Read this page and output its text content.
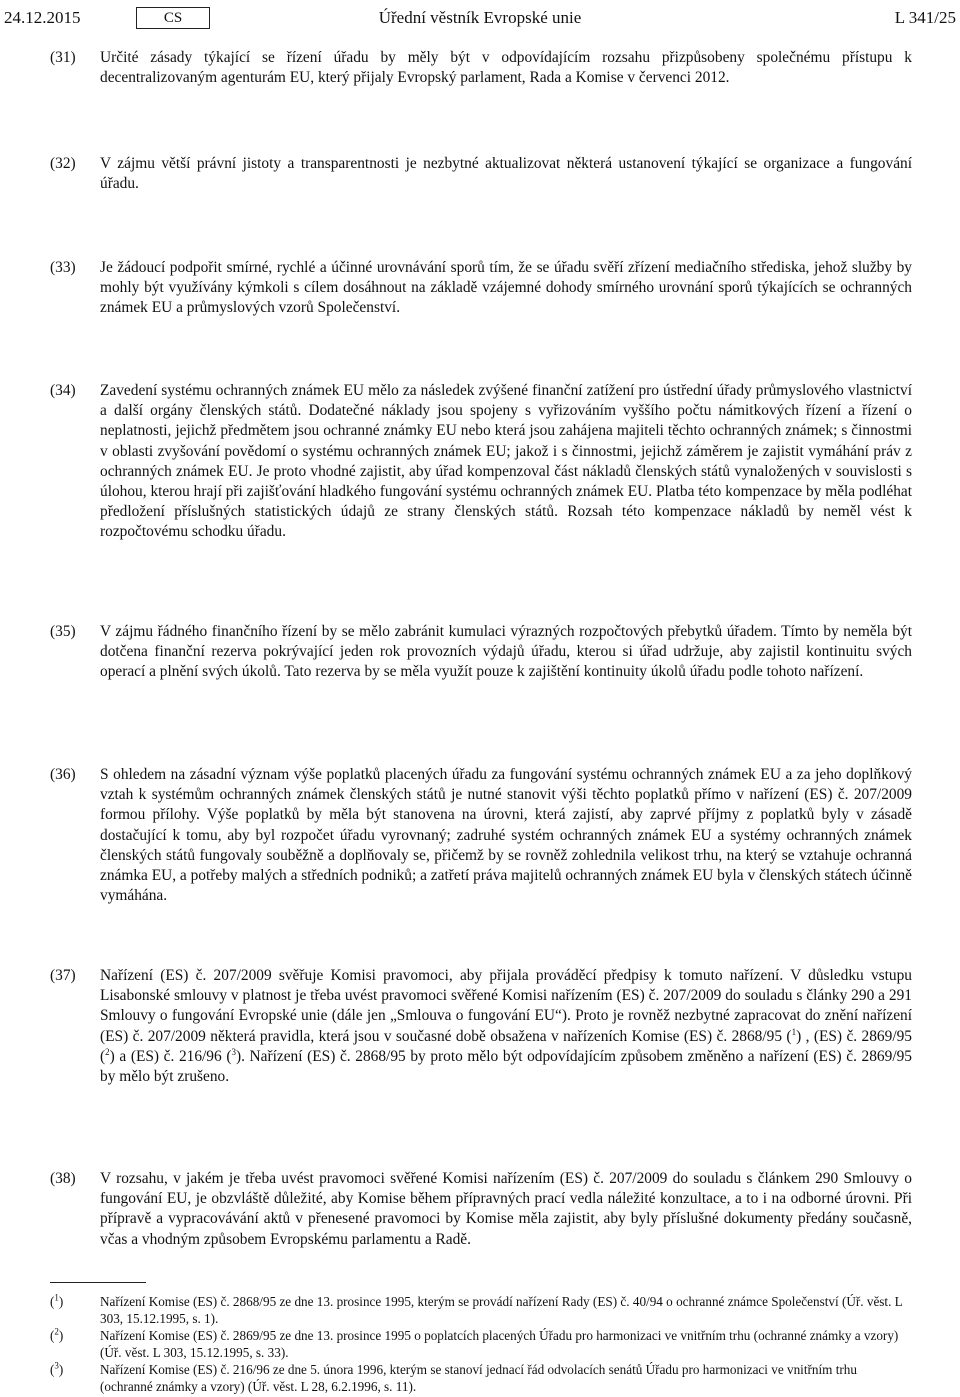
Úřední věstník Evropské unie
24.12.2015	CS	L 341/25
(31) Určité zásady týkající se řízení úřadu by měly být v odpovídajícím rozsahu přizpůsobeny společnému přístupu k decentralizovaným agenturám EU, který přijaly Evropský parlament, Rada a Komise v červenci 2012.
(32) V zájmu větší právní jistoty a transparentnosti je nezbytné aktualizovat některá ustanovení týkající se organizace a fungování úřadu.
(33) Je žádoucí podpořit smírné, rychlé a účinné urovnávání sporů tím, že se úřadu svěří zřízení mediačního střediska, jehož služby by mohly být využívány kýmkoli s cílem dosáhnout na základě vzájemné dohody smírného urovnání sporů týkajících se ochranných známek EU a průmyslových vzorů Společenství.
(34) Zavedení systému ochranných známek EU mělo za následek zvýšené finanční zatížení pro ústřední úřady průmyslového vlastnictví a další orgány členských států. Dodatečné náklady jsou spojeny s vyřizováním vyššího počtu námitkových řízení a řízení o neplatnosti, jejichž předmětem jsou ochranné známky EU nebo která jsou zahájena majiteli těchto ochranných známek; s činnostmi v oblasti zvyšování povědomí o systému ochranných známek EU; jakož i s činnostmi, jejichž záměrem je zajistit vymáhání práv z ochranných známek EU. Je proto vhodné zajistit, aby úřad kompenzoval část nákladů členských států vynaložených v souvislosti s úlohou, kterou hrají při zajišťování hladkého fungování systému ochranných známek EU. Platba této kompenzace by měla podléhat předložení příslušných statistických údajů ze strany členských států. Rozsah této kompenzace nákladů by neměl vést k rozpočtovému schodku úřadu.
(35) V zájmu řádného finančního řízení by se mělo zabránit kumulaci výrazných rozpočtových přebytků úřadem. Tímto by neměla být dotčena finanční rezerva pokrývající jeden rok provozních výdajů úřadu, kterou si úřad udržuje, aby zajistil kontinuitu svých operací a plnění svých úkolů. Tato rezerva by se měla využít pouze k zajištění kontinuity úkolů úřadu podle tohoto nařízení.
(36) S ohledem na zásadní význam výše poplatků placených úřadu za fungování systému ochranných známek EU a za jeho doplňkový vztah k systémům ochranných známek členských států je nutné stanovit výši těchto poplatků přímo v nařízení (ES) č. 207/2009 formou přílohy. Výše poplatků by měla být stanovena na úrovni, která zajistí, aby zaprvé příjmy z poplatků byly v zásadě dostačující k tomu, aby byl rozpočet úřadu vyrovnaný; zadruhé systém ochranných známek EU a systémy ochranných známek členských států fungovaly souběžně a doplňovaly se, přičemž by se rovněž zohlednila velikost trhu, na který se vztahuje ochranná známka EU, a potřeby malých a středních podniků; a zatřetí práva majitelů ochranných známek EU byla v členských státech účinně vymáhána.
(37) Nařízení (ES) č. 207/2009 svěřuje Komisi pravomoci, aby přijala prováděcí předpisy k tomuto nařízení. V důsledku vstupu Lisabonské smlouvy v platnost je třeba uvést pravomoci svěřené Komisi nařízením (ES) č. 207/2009 do souladu s články 290 a 291 Smlouvy o fungování Evropské unie (dále jen „Smlouva o fungování EU“). Proto je rovněž nezbytné zapracovat do znění nařízení (ES) č. 207/2009 některá pravidla, která jsou v současné době obsažena v nařízeních Komise (ES) č. 2868/95 ($^1$) , (ES) č. 2869/95 ($^2$) a (ES) č. 216/96 ($^3$). Nařízení (ES) č. 2868/95 by proto mělo být odpovídajícím způsobem změněno a nařízení (ES) č. 2869/95 by mělo být zrušeno.
(38) V rozsahu, v jakém je třeba uvést pravomoci svěřené Komisi nařízením (ES) č. 207/2009 do souladu s článkem 290 Smlouvy o fungování EU, je obzvláště důležité, aby Komise během přípravných prací vedla náležité konzultace, a to i na odborné úrovni. Při přípravě a vypracovávání aktů v přenesené pravomoci by Komise měla zajistit, aby byly příslušné dokumenty předány současně, včas a vhodným způsobem Evropskému parlamentu a Radě.
($^1$)	Nařízení Komise (ES) č. 2868/95 ze dne 13. prosince 1995, kterým se provádí nařízení Rady (ES) č. 40/94 o ochranné známce Společenství (Úř. věst. L 303, 15.12.1995, s. 1).
($^2$)	Nařízení Komise (ES) č. 2869/95 ze dne 13. prosince 1995 o poplatcích placených Úřadu pro harmonizaci ve vnitřním trhu (ochranné známky a vzory) (Úř. věst. L 303, 15.12.1995, s. 33).
($^3$)	Nařízení Komise (ES) č. 216/96 ze dne 5. února 1996, kterým se stanoví jednací řád odvolacích senátů Úřadu pro harmonizaci ve vnitřním trhu (ochranné známky a vzory) (Úř. věst. L 28, 6.2.1996, s. 11).
